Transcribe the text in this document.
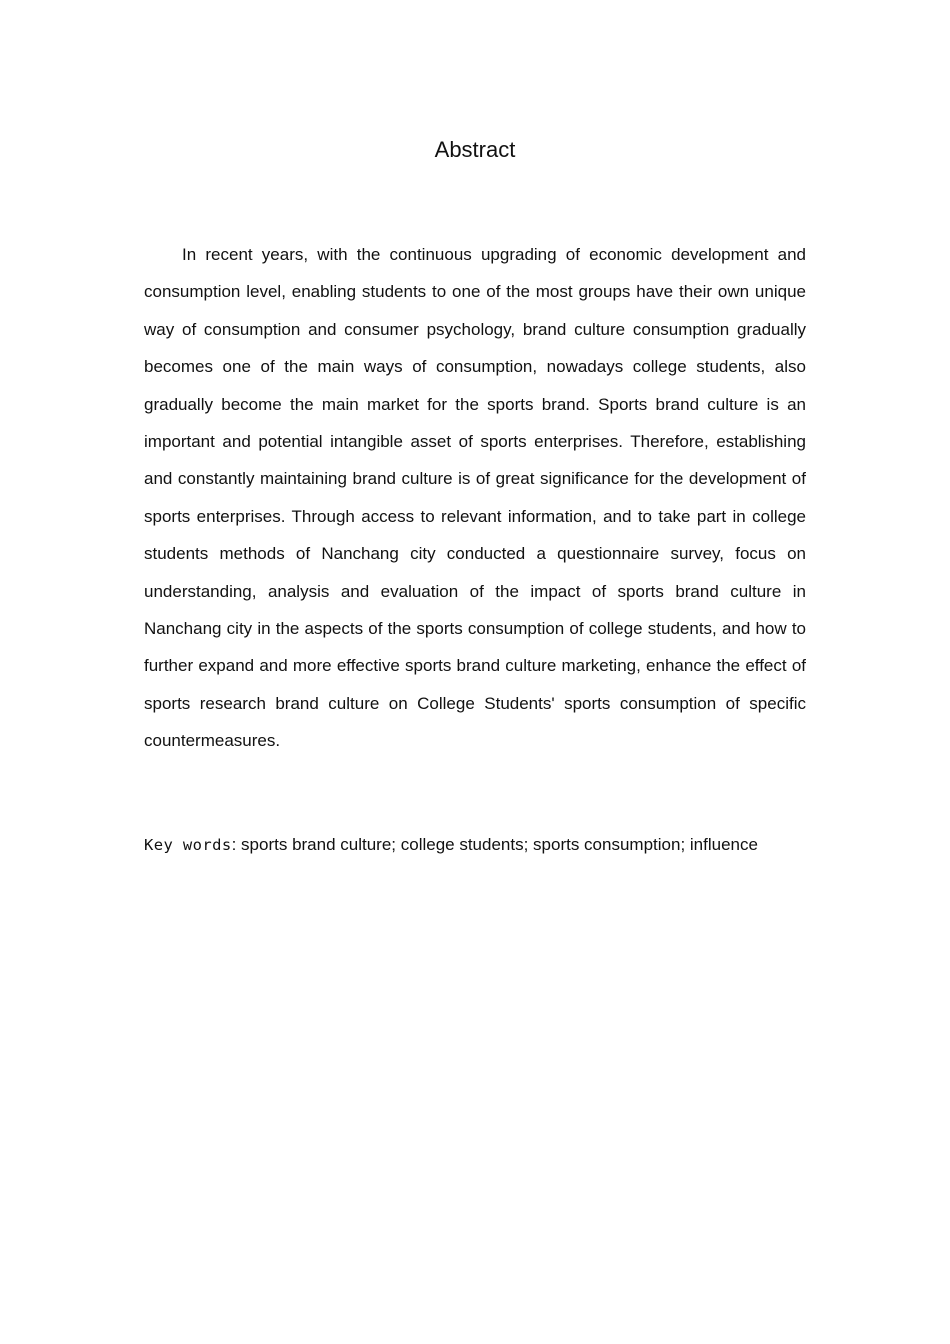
Abstract

In recent years, with the continuous upgrading of economic development and consumption level, enabling students to one of the most groups have their own unique way of consumption and consumer psychology, brand culture consumption gradually becomes one of the main ways of consumption, nowadays college students, also gradually become the main market for the sports brand. Sports brand culture is an important and potential intangible asset of sports enterprises. Therefore, establishing and constantly maintaining brand culture is of great significance for the development of sports enterprises. Through access to relevant information, and to take part in college students methods of Nanchang city conducted a questionnaire survey, focus on understanding, analysis and evaluation of the impact of sports brand culture in Nanchang city in the aspects of the sports consumption of college students, and how to further expand and more effective sports brand culture marketing, enhance the effect of sports research brand culture on College Students' sports consumption of specific countermeasures.

Key words: sports brand culture; college students; sports consumption; influence
